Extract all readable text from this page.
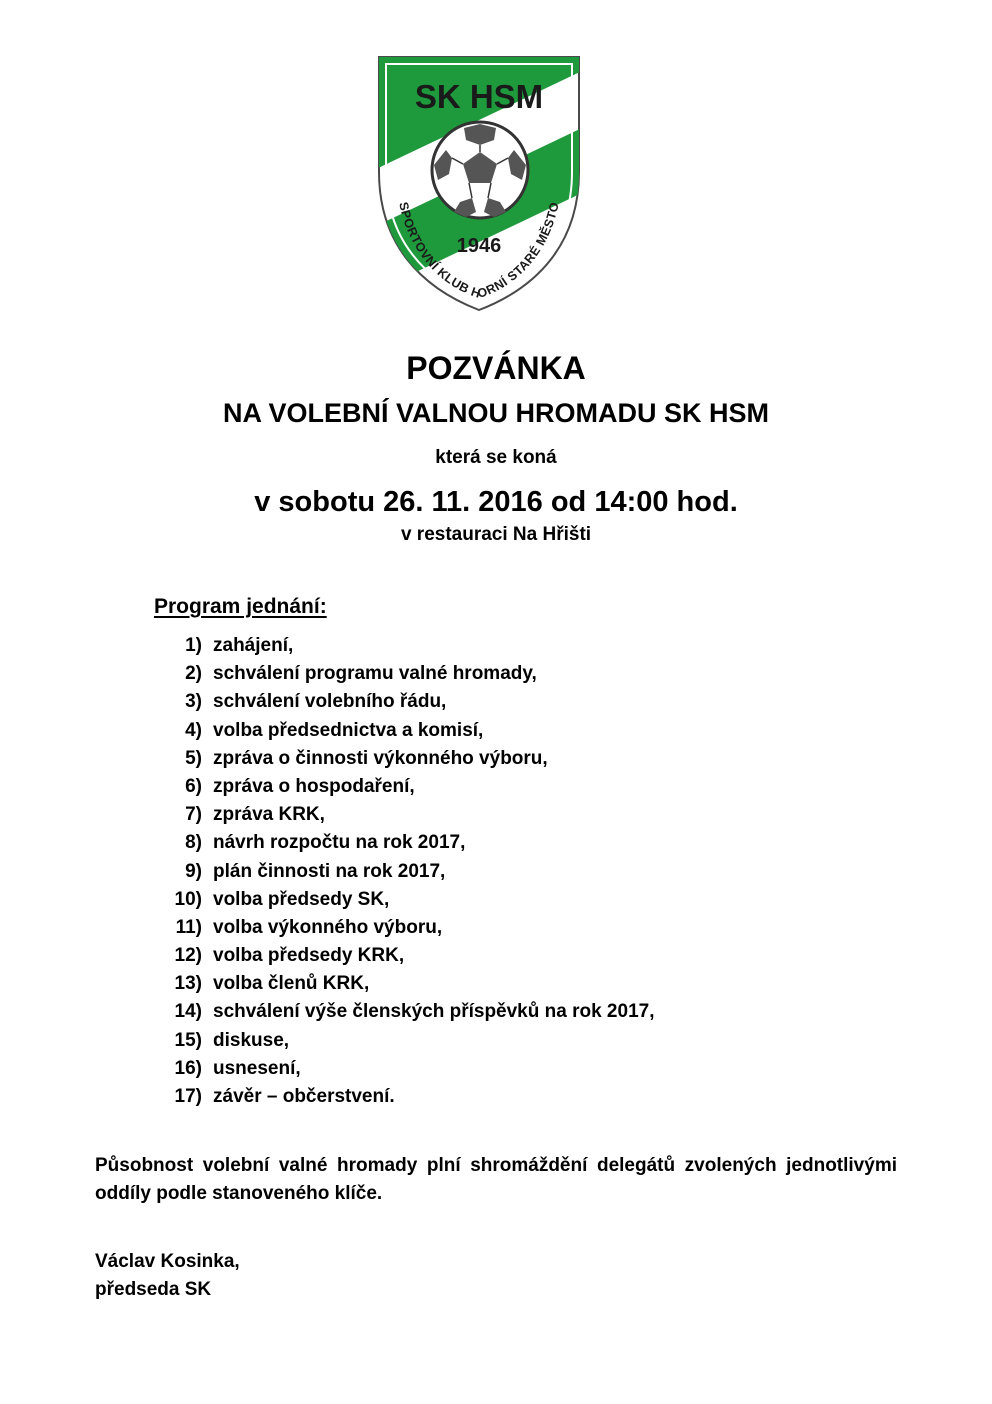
SK HSM
1946
SPORTOVNÍ KLUB HORNÍ STARÉ MĚSTO
POZVÁNKA
NA VOLEBNÍ VALNOU HROMADU SK HSM
která se koná
v sobotu 26. 11. 2016 od 14:00 hod.
v restauraci Na Hřišti
Program jednání:
1) zahájení,
2) schválení programu valné hromady,
3) schválení volebního řádu,
4) volba předsednictva a komisí,
5) zpráva o činnosti výkonného výboru,
6) zpráva o hospodaření,
7) zpráva KRK,
8) návrh rozpočtu na rok 2017,
9) plán činnosti na rok 2017,
10) volba předsedy SK,
11) volba výkonného výboru,
12) volba předsedy KRK,
13) volba členů KRK,
14) schválení výše členských příspěvků na rok 2017,
15) diskuse,
16) usnesení,
17) závěr – občerstvení.
Působnost volební valné hromady plní shromáždění delegátů zvolených jednotlivými oddíly podle stanoveného klíče.
Václav Kosinka,
předseda SK
